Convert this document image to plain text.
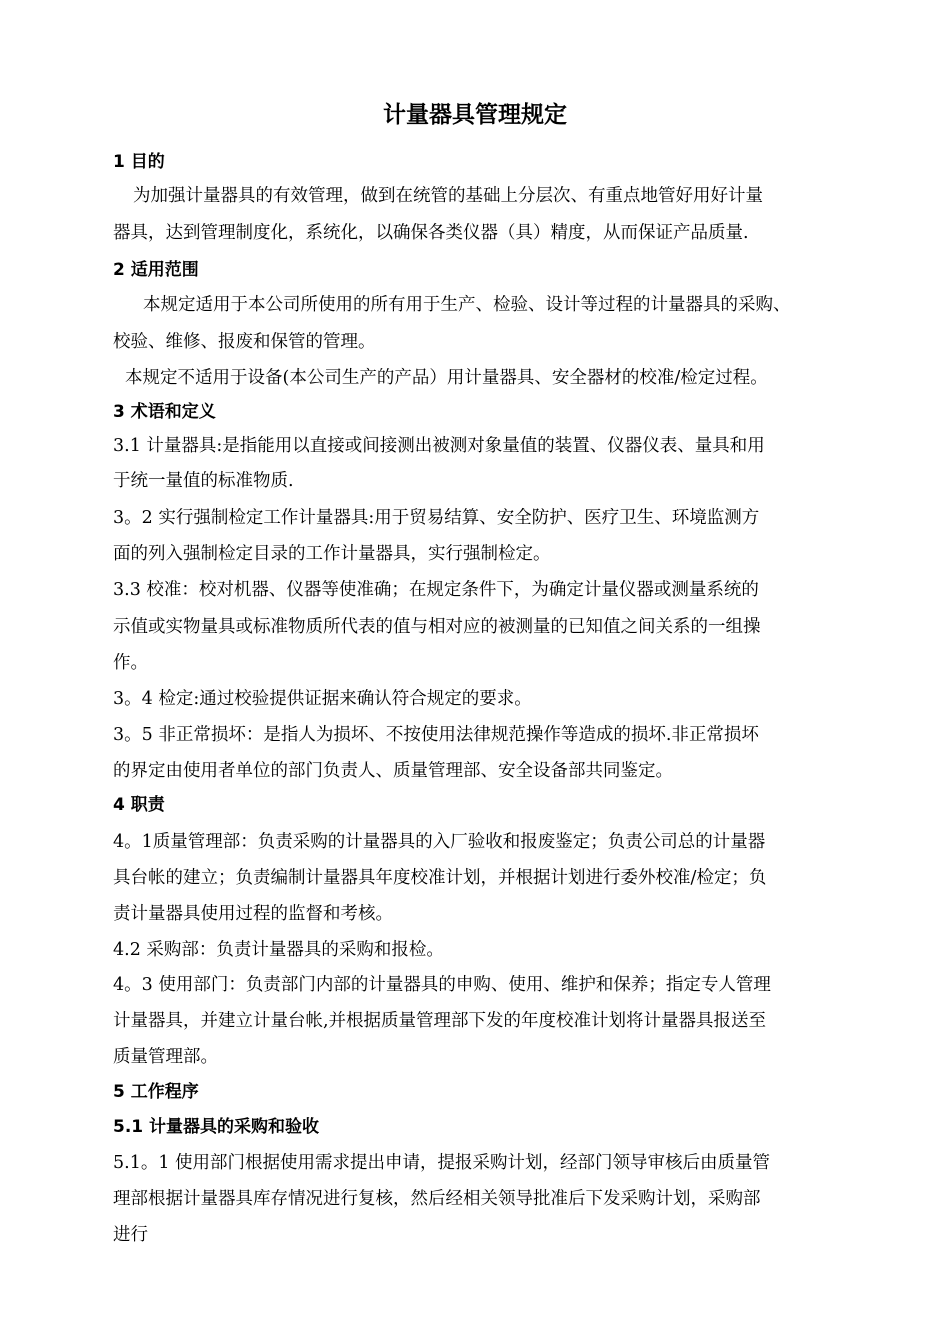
计量器具管理规定
1 目的
为加强计量器具的有效管理，做到在统管的基础上分层次、有重点地管好用好计量
器具，达到管理制度化，系统化，以确保各类仪器（具）精度，从而保证产品质量.
2 适用范围
本规定适用于本公司所使用的所有用于生产、检验、设计等过程的计量器具的采购、
校验、维修、报废和保管的管理。
本规定不适用于设备(本公司生产的产品）用计量器具、安全器材的校准/检定过程。
3 术语和定义
3.1 计量器具:是指能用以直接或间接测出被测对象量值的装置、仪器仪表、量具和用
于统一量值的标准物质.
3。2 实行强制检定工作计量器具:用于贸易结算、安全防护、医疗卫生、环境监测方
面的列入强制检定目录的工作计量器具，实行强制检定。
3.3 校准：校对机器、仪器等使准确；在规定条件下，为确定计量仪器或测量系统的
示值或实物量具或标准物质所代表的值与相对应的被测量的已知值之间关系的一组操
作。
3。4 检定:通过校验提供证据来确认符合规定的要求。
3。5 非正常损坏：是指人为损坏、不按使用法律规范操作等造成的损坏.非正常损坏
的界定由使用者单位的部门负责人、质量管理部、安全设备部共同鉴定。
4 职责
4。1质量管理部：负责采购的计量器具的入厂验收和报废鉴定；负责公司总的计量器
具台帐的建立；负责编制计量器具年度校准计划，并根据计划进行委外校准/检定；负
责计量器具使用过程的监督和考核。
4.2 采购部：负责计量器具的采购和报检。
4。3 使用部门：负责部门内部的计量器具的申购、使用、维护和保养；指定专人管理
计量器具，并建立计量台帐,并根据质量管理部下发的年度校准计划将计量器具报送至
质量管理部。
5 工作程序
5.1 计量器具的采购和验收
5.1。1 使用部门根据使用需求提出申请，提报采购计划，经部门领导审核后由质量管
理部根据计量器具库存情况进行复核，然后经相关领导批准后下发采购计划，采购部
进行
